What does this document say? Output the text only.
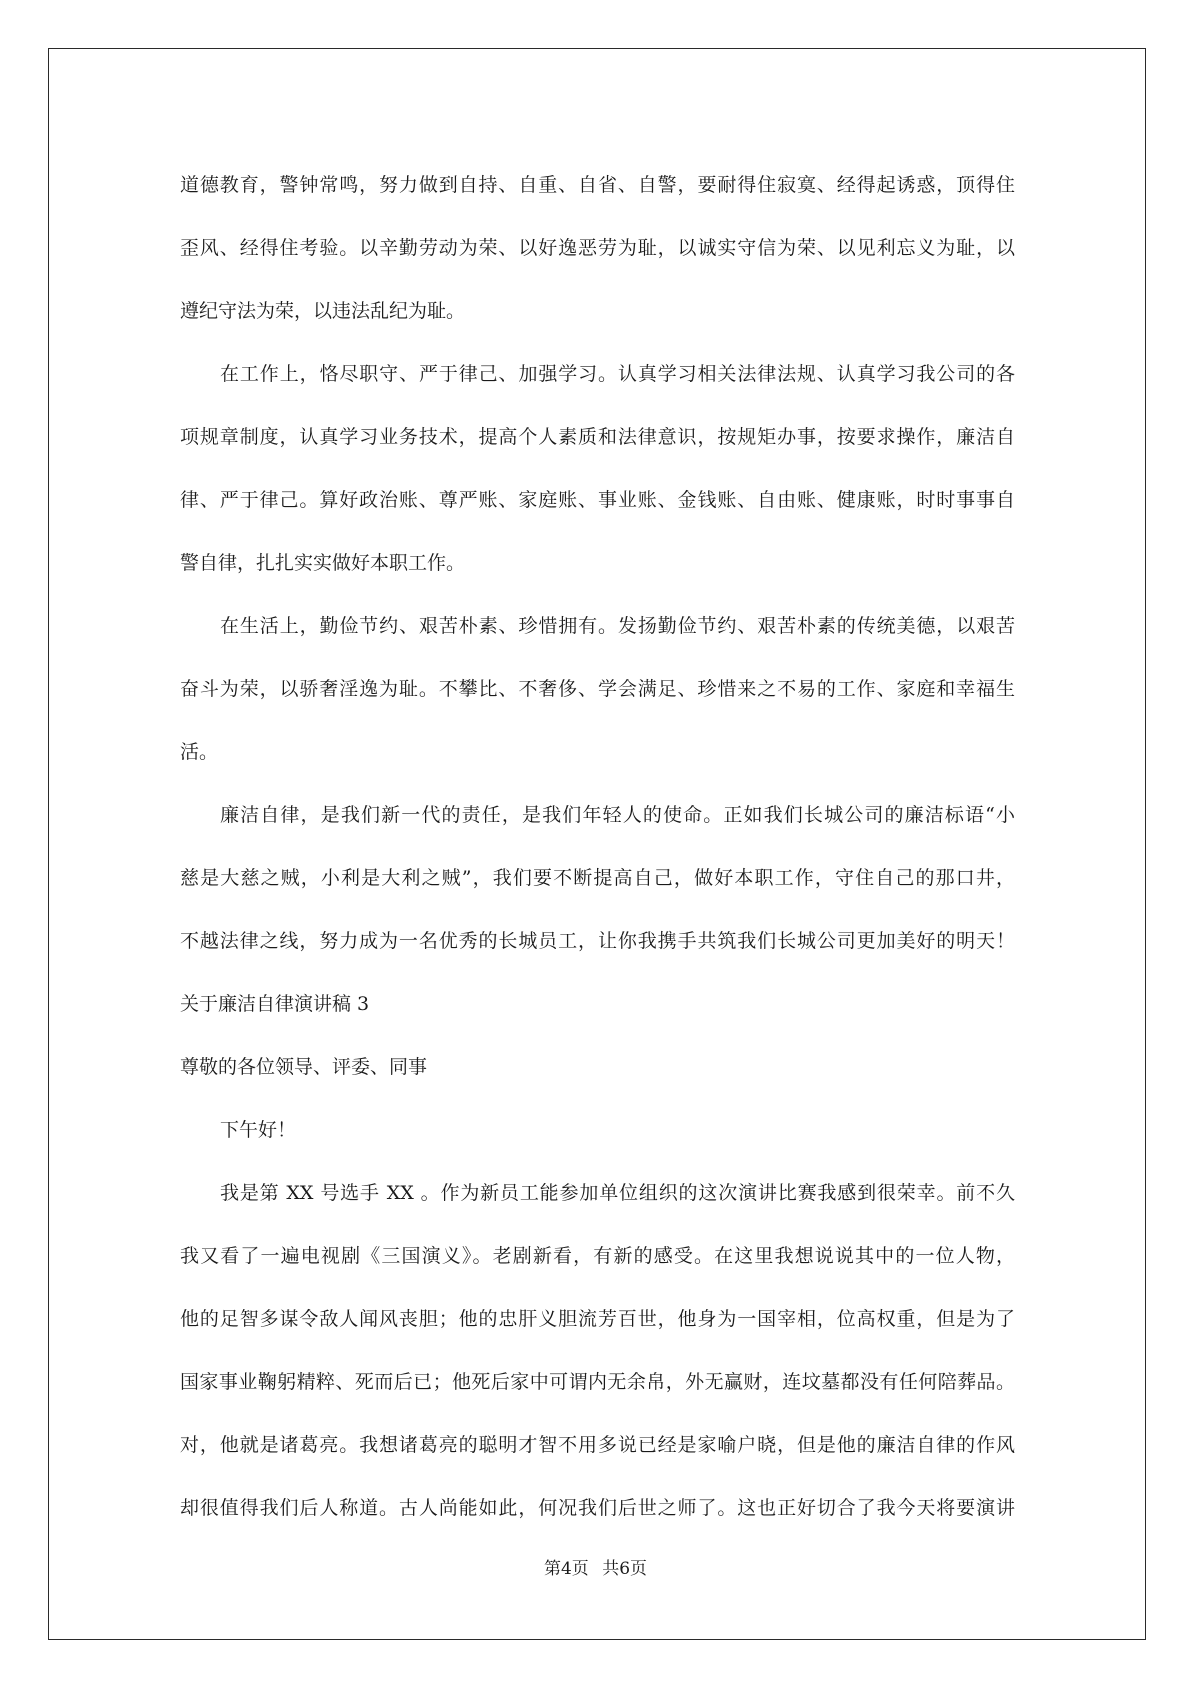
道德教育，警钟常鸣，努力做到自持、自重、自省、自警，要耐得住寂寞、经得起诱惑，顶得住
歪风、经得住考验。以辛勤劳动为荣、以好逸恶劳为耻，以诚实守信为荣、以见利忘义为耻，以
遵纪守法为荣，以违法乱纪为耻。
在工作上，恪尽职守、严于律己、加强学习。认真学习相关法律法规、认真学习我公司的各
项规章制度，认真学习业务技术，提高个人素质和法律意识，按规矩办事，按要求操作，廉洁自
律、严于律己。算好政治账、尊严账、家庭账、事业账、金钱账、自由账、健康账，时时事事自
警自律，扎扎实实做好本职工作。
在生活上，勤俭节约、艰苦朴素、珍惜拥有。发扬勤俭节约、艰苦朴素的传统美德，以艰苦
奋斗为荣，以骄奢淫逸为耻。不攀比、不奢侈、学会满足、珍惜来之不易的工作、家庭和幸福生
活。
廉洁自律，是我们新一代的责任，是我们年轻人的使命。正如我们长城公司的廉洁标语“小
慈是大慈之贼，小利是大利之贼”，我们要不断提高自己，做好本职工作，守住自己的那口井，
不越法律之线，努力成为一名优秀的长城员工，让你我携手共筑我们长城公司更加美好的明天！
关于廉洁自律演讲稿 3
尊敬的各位领导、评委、同事
下午好！
我是第 XX 号选手 XX 。作为新员工能参加单位组织的这次演讲比赛我感到很荣幸。前不久
我又看了一遍电视剧《三国演义》。老剧新看，有新的感受。在这里我想说说其中的一位人物，
他的足智多谋令敌人闻风丧胆；他的忠肝义胆流芳百世，他身为一国宰相，位高权重，但是为了
国家事业鞠躬精粹、死而后已；他死后家中可谓内无余帛，外无赢财，连坟墓都没有任何陪葬品。
对，他就是诸葛亮。我想诸葛亮的聪明才智不用多说已经是家喻户晓，但是他的廉洁自律的作风
却很值得我们后人称道。古人尚能如此，何况我们后世之师了。这也正好切合了我今天将要演讲
第4页 共6页
